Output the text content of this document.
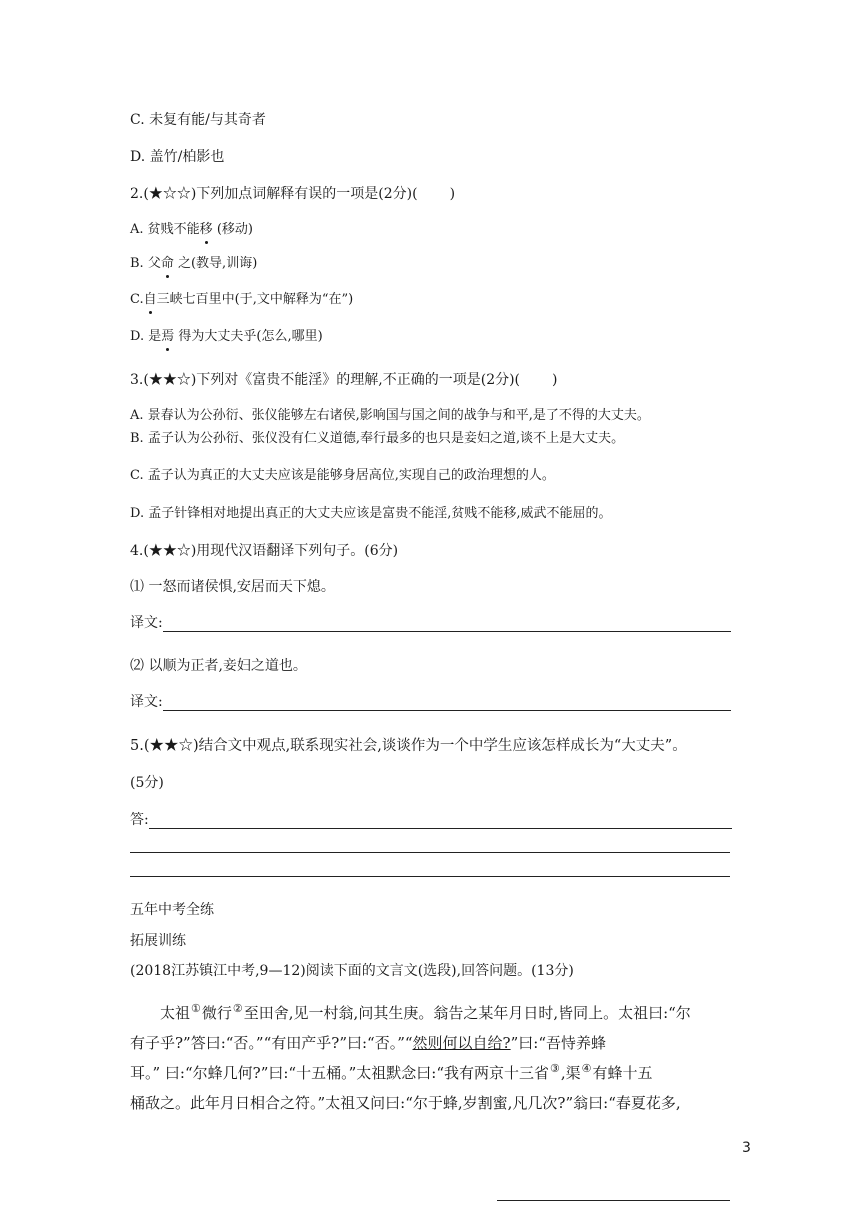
C. 未复有能/与其奇者
D. 盖竹/柏影也
2.(★☆☆)下列加点词解释有误的一项是(2分)( )
A. 贫贱不能移 (移动)
B. 父命 之(教导,训诲)
C.自三峡七百里中(于,文中解释为“在”)
D. 是焉 得为大丈夫乎(怎么,哪里)
3.(★★☆)下列对《富贵不能淫》的理解,不正确的一项是(2分)( )
A. 景春认为公孙衍、张仪能够左右诸侯,影响国与国之间的战争与和平,是了不得的大丈夫。
B. 孟子认为公孙衍、张仪没有仁义道德,奉行最多的也只是妾妇之道,谈不上是大丈夫。
C. 孟子认为真正的大丈夫应该是能够身居高位,实现自己的政治理想的人。
D. 孟子针锋相对地提出真正的大丈夫应该是富贵不能淫,贫贱不能移,威武不能屈的。
4.(★★☆)用现代汉语翻译下列句子。(6分)
⑴ 一怒而诸侯惧,安居而天下熄。
译文:
⑵ 以顺为正者,妾妇之道也。
译文:
5.(★★☆)结合文中观点,联系现实社会,谈谈作为一个中学生应该怎样成长为“大丈夫”。
(5分)
答:
五年中考全练
拓展训练
(2018江苏镇江中考,9—12)阅读下面的文言文(选段),回答问题。(13分)
太祖①微行②至田舍,见一村翁,问其生庚。翁告之某年月日时,皆同上。太祖曰:“尔
有子乎?”答曰:“否。”“有田产乎?”曰:“否。”“然则何以自给?”曰:“吾恃养蜂
耳。” 曰:“尔蜂几何?”曰:“十五桶。”太祖默念曰:“我有两京十三省③,渠④有蜂十五
桶敌之。此年月日相合之符。”太祖又问曰:“尔于蜂,岁割蜜,凡几次?”翁曰:“春夏花多,
3
